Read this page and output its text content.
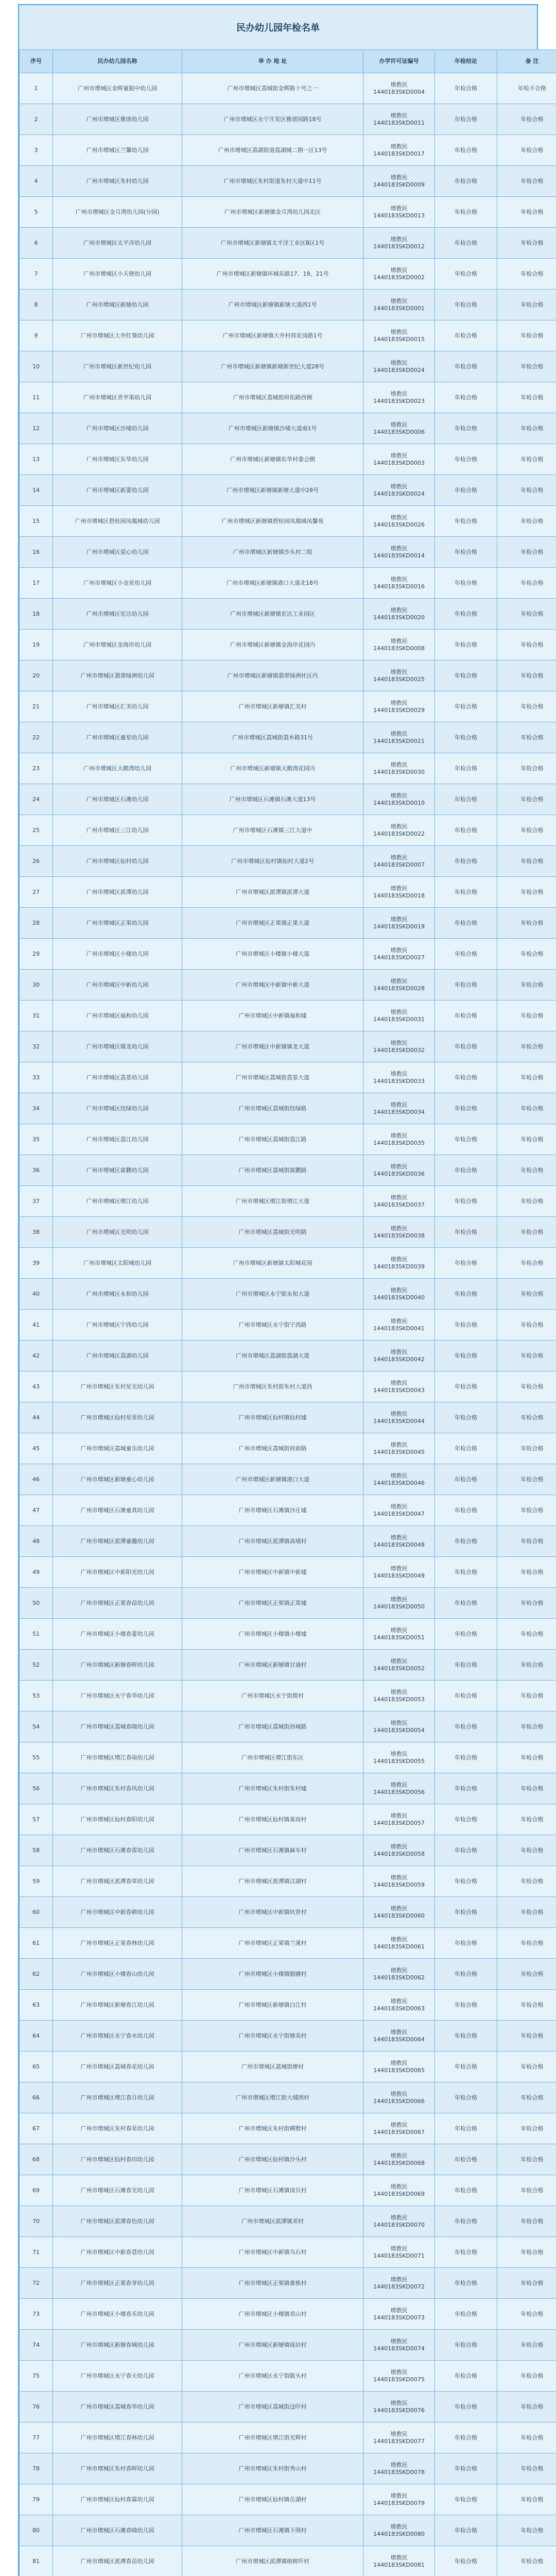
民办幼儿园年检名单
序号	民办幼儿园名称	举 办 地 址	办学许可证编号	年检结论	备 注
1	广州市增城区金辉童振中幼儿园	广州市增城区荔城街金辉路十号之一	增教民 1440183SKD0004	年检合格	年检不合格
2	广州市增城区雅颂幼儿园	广州市增城区永宁开发区雅颂园路18号	增教民 1440183SKD0011	年检合格	年检合格
3	广州市增城区兰馨幼儿园	广州市增城区荔湖街道荔湖城二期一区13号	增教民 1440183SKD0017	年检合格	年检合格
4	广州市增城区朱村幼儿园	广州市增城区朱村街道朱村大道中11号	增教民 1440183SKD0009	年检合格	年检合格
5	广州市增城区金月湾幼儿园(分园)	广州市增城区新塘镇金月湾幼儿园北区	增教民 1440183SKD0013	年检合格	年检合格
6	广州市增城区太平洋幼儿园	广州市增城区新塘镇太平洋工业区B区1号	增教民 1440183SKD0012	年检合格	年检合格
7	广州市增城区小天使幼儿园	广州市增城区新塘镇环城东路17、19、21号	增教民 1440183SKD0002	年检合格	年检合格
8	广州市增城区新塘幼儿园	广州市增城区新塘镇新塘大道西1号	增教民 1440183SKD0001	年检合格	年检合格
9	广州市增城区大井红葵幼儿园	广州市增城区新塘镇大井村荷花岗路1号	增教民 1440183SKD0015	年检合格	年检合格
10	广州市增城区新世纪幼儿园	广州市增城区新塘镇新塘新世纪大道28号	增教民 1440183SKD0024	年检合格	年检合格
11	广州市增城区青苹果幼儿园	广州市增城区荔城街府佑路西侧	增教民 1440183SKD0023	年检合格	年检合格
12	广州市增城区沙埔幼儿园	广州市增城区新塘镇沙埔大道南1号	增教民 1440183SKD0006	年检合格	年检合格
13	广州市增城区东华幼儿园	广州市增城区新塘镇东华村委会侧	增教民 1440183SKD0003	年检合格	年检合格
14	广州市增城区新蕾幼儿园	广州市增城区新塘镇新塘大道中28号	增教民 1440183SKD0024	年检合格	年检合格
15	广州市增城区碧桂园凤凰城幼儿园	广州市增城区新塘镇碧桂园凤凰城凤馨苑	增教民 1440183SKD0026	年检合格	年检合格
16	广州市增城区爱心幼儿园	广州市增城区新塘镇沙头村二组	增教民 1440183SKD0014	年检合格	年检合格
17	广州市增城区小金星幼儿园	广州市增城区新塘镇港口大道北18号	增教民 1440183SKD0016	年检合格	年检合格
18	广州市增城区宏达幼儿园	广州市增城区新塘镇宏达工业园区	增教民 1440183SKD0020	年检合格	年检合格
19	广州市增城区金海岸幼儿园	广州市增城区新塘镇金海岸花园内	增教民 1440183SKD0008	年检合格	年检合格
20	广州市增城区翡翠绿洲幼儿园	广州市增城区新塘镇翡翠绿洲社区内	增教民 1440183SKD0025	年检合格	年检合格
21	广州市增城区汇美幼儿园	广州市增城区新塘镇汇美村	增教民 1440183SKD0029	年检合格	年检合格
22	广州市增城区童星幼儿园	广州市增城区荔城街荔乡路31号	增教民 1440183SKD0021	年检合格	年检合格
23	广州市增城区天鹅湾幼儿园	广州市增城区新塘镇天鹅湾花园内	增教民 1440183SKD0030	年检合格	年检合格
24	广州市增城区石滩幼儿园	广州市增城区石滩镇石滩大道13号	增教民 1440183SKD0010	年检合格	年检合格
25	广州市增城区三江幼儿园	广州市增城区石滩镇三江大道中	增教民 1440183SKD0022	年检合格	年检合格
26	广州市增城区仙村幼儿园	广州市增城区仙村镇仙村大道2号	增教民 1440183SKD0007	年检合格	年检合格
27	广州市增城区派潭幼儿园	广州市增城区派潭镇派潭大道	增教民 1440183SKD0018	年检合格	年检合格
28	广州市增城区正果幼儿园	广州市增城区正果镇正果大道	增教民 1440183SKD0019	年检合格	年检合格
29	广州市增城区小楼幼儿园	广州市增城区小楼镇小楼大道	增教民 1440183SKD0027	年检合格	年检合格
30	广州市增城区中新幼儿园	广州市增城区中新镇中新大道	增教民 1440183SKD0028	年检合格	年检合格
31	广州市增城区福和幼儿园	广州市增城区中新镇福和墟	增教民 1440183SKD0031	年检合格	年检合格
32	广州市增城区镇龙幼儿园	广州市增城区中新镇镇龙大道	增教民 1440183SKD0032	年检合格	年检合格
33	广州市增城区荔景幼儿园	广州市增城区荔城街荔景大道	增教民 1440183SKD0033	年检合格	年检合格
34	广州市增城区挂绿幼儿园	广州市增城区荔城街挂绿路	增教民 1440183SKD0034	年检合格	年检合格
35	广州市增城区荔江幼儿园	广州市增城区荔城街荔江路	增教民 1440183SKD0035	年检合格	年检合格
36	广州市增城区富鹏幼儿园	广州市增城区荔城街富鹏路	增教民 1440183SKD0036	年检合格	年检合格
37	广州市增城区增江幼儿园	广州市增城区增江街增江大道	增教民 1440183SKD0037	年检合格	年检合格
38	广州市增城区光明幼儿园	广州市增城区荔城街光明路	增教民 1440183SKD0038	年检合格	年检合格
39	广州市增城区太阳城幼儿园	广州市增城区新塘镇太阳城花园	增教民 1440183SKD0039	年检合格	年检合格
40	广州市增城区永和幼儿园	广州市增城区永宁街永和大道	增教民 1440183SKD0040	年检合格	年检合格
41	广州市增城区宁西幼儿园	广州市增城区永宁街宁西路	增教民 1440183SKD0041	年检合格	年检合格
42	广州市增城区荔湖幼儿园	广州市增城区荔湖街荔湖大道	增教民 1440183SKD0042	年检合格	年检合格
43	广州市增城区朱村星光幼儿园	广州市增城区朱村街朱村大道西	增教民 1440183SKD0043	年检合格	年检合格
44	广州市增城区仙村星星幼儿园	广州市增城区仙村镇仙村墟	增教民 1440183SKD0044	年检合格	年检合格
45	广州市增城区荔城童乐幼儿园	广州市增城区荔城街府前路	增教民 1440183SKD0045	年检合格	年检合格
46	广州市增城区新塘童心幼儿园	广州市增城区新塘镇港口大道	增教民 1440183SKD0046	年检合格	年检合格
47	广州市增城区石滩童真幼儿园	广州市增城区石滩镇沙庄墟	增教民 1440183SKD0047	年检合格	年检合格
48	广州市增城区派潭童趣幼儿园	广州市增城区派潭镇高埔村	增教民 1440183SKD0048	年检合格	年检合格
49	广州市增城区中新阳光幼儿园	广州市增城区中新镇中新墟	增教民 1440183SKD0049	年检合格	年检合格
50	广州市增城区正果春苗幼儿园	广州市增城区正果镇正果墟	增教民 1440183SKD0050	年检合格	年检合格
51	广州市增城区小楼春蕾幼儿园	广州市增城区小楼镇小楼墟	增教民 1440183SKD0051	年检合格	年检合格
52	广州市增城区新塘春晖幼儿园	广州市增城区新塘镇甘涌村	增教民 1440183SKD0052	年检合格	年检合格
53	广州市增城区永宁春华幼儿园	广州市增城区永宁街简村	增教民 1440183SKD0053	年检合格	年检合格
54	广州市增城区荔城春晓幼儿园	广州市增城区荔城街西城路	增教民 1440183SKD0054	年检合格	年检合格
55	广州市增城区增江春雨幼儿园	广州市增城区增江街东区	增教民 1440183SKD0055	年检合格	年检合格
56	广州市增城区朱村春风幼儿园	广州市增城区朱村街朱村墟	增教民 1440183SKD0056	年检合格	年检合格
57	广州市增城区仙村春阳幼儿园	广州市增城区仙村镇基岗村	增教民 1440183SKD0057	年检合格	年检合格
58	广州市增城区石滩春雷幼儿园	广州市增城区石滩镇麻车村	增教民 1440183SKD0058	年检合格	年检合格
59	广州市增城区派潭春草幼儿园	广州市增城区派潭镇汉湖村	增教民 1440183SKD0059	年检合格	年检合格
60	广州市增城区中新春耕幼儿园	广州市增城区中新镇坑背村	增教民 1440183SKD0060	年检合格	年检合格
61	广州市增城区正果春林幼儿园	广州市增城区正果镇兰溪村	增教民 1440183SKD0061	年检合格	年检合格
62	广州市增城区小楼春山幼儿园	广州市增城区小楼镇腊圃村	增教民 1440183SKD0062	年检合格	年检合格
63	广州市增城区新塘春江幼儿园	广州市增城区新塘镇白江村	增教民 1440183SKD0063	年检合格	年检合格
64	广州市增城区永宁春水幼儿园	广州市增城区永宁街塘美村	增教民 1440183SKD0064	年检合格	年检合格
65	广州市增城区荔城春花幼儿园	广州市增城区荔城街廖村	增教民 1440183SKD0065	年检合格	年检合格
66	广州市增城区增江春月幼儿园	广州市增城区增江街大埔围村	增教民 1440183SKD0066	年检合格	年检合格
67	广州市增城区朱村春星幼儿园	广州市增城区朱村街横塱村	增教民 1440183SKD0067	年检合格	年检合格
68	广州市增城区仙村春田幼儿园	广州市增城区仙村镇沙头村	增教民 1440183SKD0068	年检合格	年检合格
69	广州市增城区石滩春光幼儿园	广州市增城区石滩镇岗贝村	增教民 1440183SKD0069	年检合格	年检合格
70	广州市增城区派潭春色幼儿园	广州市增城区派潭镇邓村	增教民 1440183SKD0070	年检合格	年检合格
71	广州市增城区中新春意幼儿园	广州市增城区中新镇乌石村	增教民 1440183SKD0071	年检合格	年检合格
72	广州市增城区正果春芽幼儿园	广州市增城区正果镇畲族村	增教民 1440183SKD0072	年检合格	年检合格
73	广州市增城区小楼春禾幼儿园	广州市增城区小楼镇邓山村	增教民 1440183SKD0073	年检合格	年检合格
74	广州市增城区新塘春城幼儿园	广州市增城区新塘镇瑶田村	增教民 1440183SKD0074	年检合格	年检合格
75	广州市增城区永宁春天幼儿园	广州市增城区永宁街陂头村	增教民 1440183SKD0075	年检合格	年检合格
76	广州市增城区荔城春华幼儿园	广州市增城区荔城街迳吓村	增教民 1440183SKD0076	年检合格	年检合格
77	广州市增城区增江春林幼儿园	广州市增城区增江街光辉村	增教民 1440183SKD0077	年检合格	年检合格
78	广州市增城区朱村春晖幼儿园	广州市增城区朱村街秀山村	增教民 1440183SKD0078	年检合格	年检合格
79	广州市增城区仙村春霖幼儿园	广州市增城区仙村镇岳湖村	增教民 1440183SKD0079	年检合格	年检合格
80	广州市增城区石滩春晓幼儿园	广州市增城区石滩镇下围村	增教民 1440183SKD0080	年检合格	年检合格
81	广州市增城区派潭春苗幼儿园	广州市增城区派潭镇榕树吓村	增教民 1440183SKD0081	年检合格	年检合格
